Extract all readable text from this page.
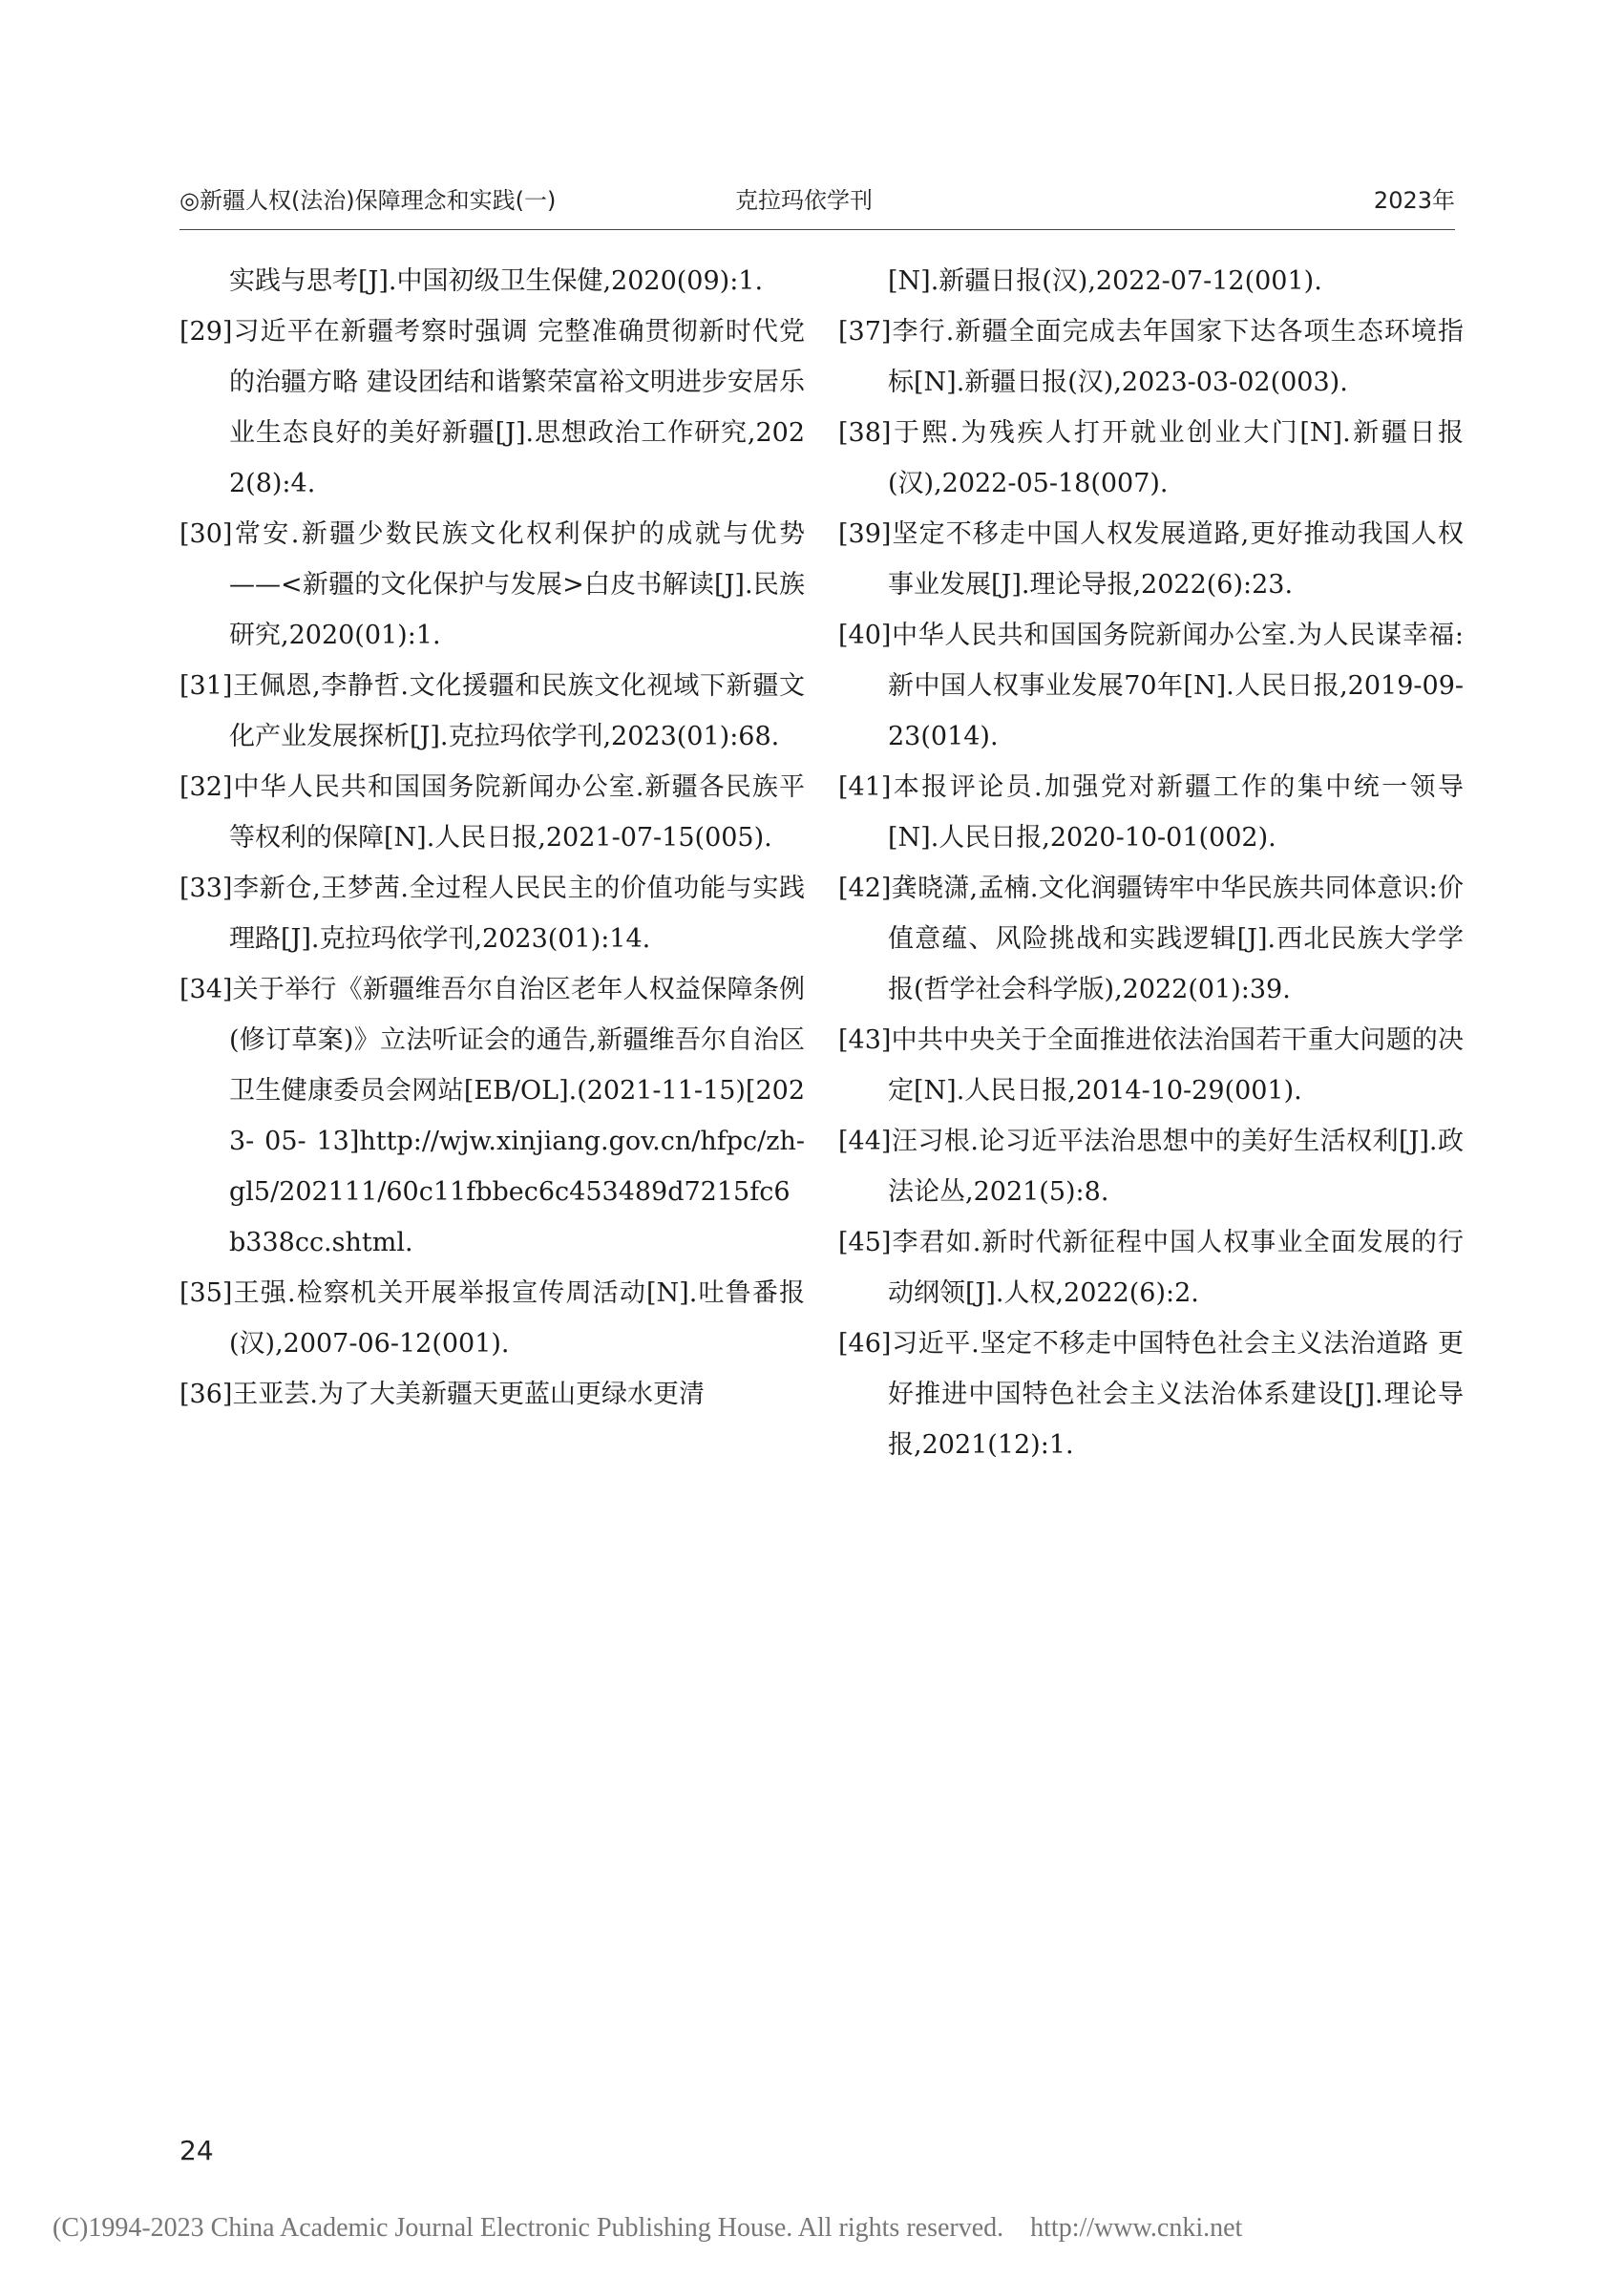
◎新疆人权(法治)保障理念和实践(一)	克拉玛依学刊	2023年
实践与思考[J].中国初级卫生保健,2020(09):1.
[29]习近平在新疆考察时强调 完整准确贯彻新时代党的治疆方略 建设团结和谐繁荣富裕文明进步安居乐业生态良好的美好新疆[J].思想政治工作研究,2022(8):4.
[30]常安.新疆少数民族文化权利保护的成就与优势——<新疆的文化保护与发展>白皮书解读[J].民族研究,2020(01):1.
[31]王佩恩,李静哲.文化援疆和民族文化视域下新疆文化产业发展探析[J].克拉玛依学刊,2023(01):68.
[32]中华人民共和国国务院新闻办公室.新疆各民族平等权利的保障[N].人民日报,2021-07-15(005).
[33]李新仓,王梦茜.全过程人民民主的价值功能与实践理路[J].克拉玛依学刊,2023(01):14.
[34]关于举行《新疆维吾尔自治区老年人权益保障条例(修订草案)》立法听证会的通告,新疆维吾尔自治区卫生健康委员会网站[EB/OL].(2021-11-15)[2023- 05- 13]http://wjw.xinjiang.gov.cn/hfpc/zh-gl5/202111/60c11fbbec6c453489d7215fc6b338cc.shtml.
[35]王强.检察机关开展举报宣传周活动[N].吐鲁番报(汉),2007-06-12(001).
[36]王亚芸.为了大美新疆天更蓝山更绿水更清
[N].新疆日报(汉),2022-07-12(001).
[37]李行.新疆全面完成去年国家下达各项生态环境指标[N].新疆日报(汉),2023-03-02(003).
[38]于熙.为残疾人打开就业创业大门[N].新疆日报(汉),2022-05-18(007).
[39]坚定不移走中国人权发展道路,更好推动我国人权事业发展[J].理论导报,2022(6):23.
[40]中华人民共和国国务院新闻办公室.为人民谋幸福:新中国人权事业发展70年[N].人民日报,2019-09-23(014).
[41]本报评论员.加强党对新疆工作的集中统一领导[N].人民日报,2020-10-01(002).
[42]龚晓潇,孟楠.文化润疆铸牢中华民族共同体意识:价值意蕴、风险挑战和实践逻辑[J].西北民族大学学报(哲学社会科学版),2022(01):39.
[43]中共中央关于全面推进依法治国若干重大问题的决定[N].人民日报,2014-10-29(001).
[44]汪习根.论习近平法治思想中的美好生活权利[J].政法论丛,2021(5):8.
[45]李君如.新时代新征程中国人权事业全面发展的行动纲领[J].人权,2022(6):2.
[46]习近平.坚定不移走中国特色社会主义法治道路 更好推进中国特色社会主义法治体系建设[J].理论导报,2021(12):1.
24
(C)1994-2023 China Academic Journal Electronic Publishing House. All rights reserved.    http://www.cnki.net
